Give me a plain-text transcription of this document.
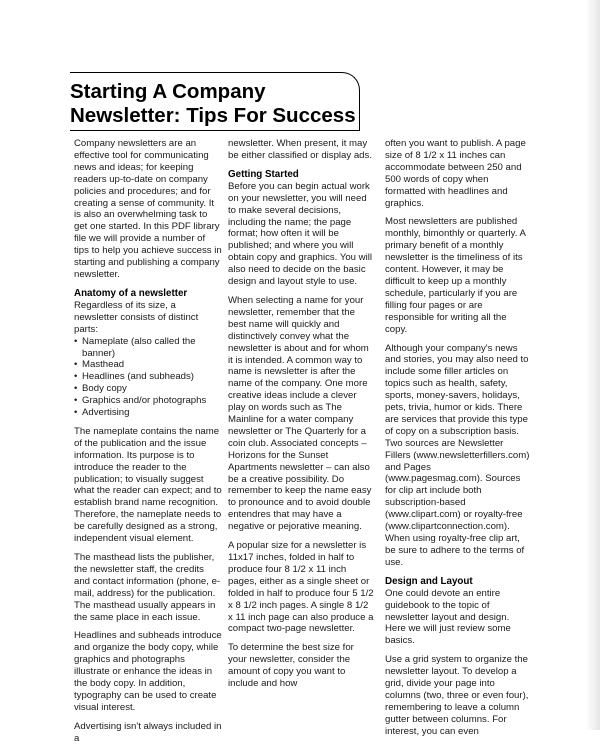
Starting A Company
Newsletter: Tips For Success

Company newsletters are an effective tool for communicating news and ideas; for keeping readers up-to-date on company policies and procedures; and for creating a sense of community. It is also an overwhelming task to get one started. In this PDF library file we will provide a number of tips to help you achieve success in starting and publishing a company newsletter.

Anatomy of a newsletter

Regardless of its size, a newsletter consists of distinct parts:

• Nameplate (also called the banner)
• Masthead
• Headlines (and subheads)
• Body copy
• Graphics and/or photographs
• Advertising

The nameplate contains the name of the publication and the issue information. Its purpose is to introduce the reader to the publication; to visually suggest what the reader can expect; and to establish brand name recognition. Therefore, the nameplate needs to be carefully designed as a strong, independent visual element.

The masthead lists the publisher, the newsletter staff, the credits and contact information (phone, e-mail, address) for the publication. The masthead usually appears in the same place in each issue.

Headlines and subheads introduce and organize the body copy, while graphics and photographs illustrate or enhance the ideas in the body copy. In addition, typography can be used to create visual interest.

Advertising isn't always included in a

newsletter. When present, it may be either classified or display ads.

Getting Started

Before you can begin actual work on your newsletter, you will need to make several decisions, including the name; the page format; how often it will be published; and where you will obtain copy and graphics. You will also need to decide on the basic design and layout style to use.

When selecting a name for your newsletter, remember that the best name will quickly and distinctively convey what the newsletter is about and for whom it is intended. A common way to name is newsletter is after the name of the company. One more creative ideas include a clever play on words such as The Mainline for a water company newsletter or The Quarterly for a coin club. Associated concepts – Horizons for the Sunset Apartments newsletter – can also be a creative possibility. Do remember to keep the name easy to pronounce and to avoid double entendres that may have a negative or pejorative meaning.

A popular size for a newsletter is 11x17 inches, folded in half to produce four 8 1/2 x 11 inch pages, either as a single sheet or folded in half to produce four 5 1/2 x 8 1/2 inch pages. A single 8 1/2 x 11 inch page can also produce a compact two-page newsletter.

To determine the best size for your newsletter, consider the amount of copy you want to include and how

often you want to publish. A page size of 8 1/2 x 11 inches can accommodate between 250 and 500 words of copy when formatted with headlines and graphics.

Most newsletters are published monthly, bimonthly or quarterly. A primary benefit of a monthly newsletter is the timeliness of its content. However, it may be difficult to keep up a monthly schedule, particularly if you are filling four pages or are responsible for writing all the copy.

Although your company's news and stories, you may also need to include some filler articles on topics such as health, safety, sports, money-savers, holidays, pets, trivia, humor or kids. There are services that provide this type of copy on a subscription basis. Two sources are Newsletter Fillers (www.newsletterfillers.com) and Pages (www.pagesmag.com). Sources for clip art include both subscription-based (www.clipart.com) or royalty-free (www.clipartconnection.com). When using royalty-free clip art, be sure to adhere to the terms of use.

Design and Layout

One could devote an entire guidebook to the topic of newsletter layout and design. Here we will just review some basics.

Use a grid system to organize the newsletter layout. To develop a grid, divide your page into columns (two, three or even four), remembering to leave a column gutter between columns. For interest, you can even
